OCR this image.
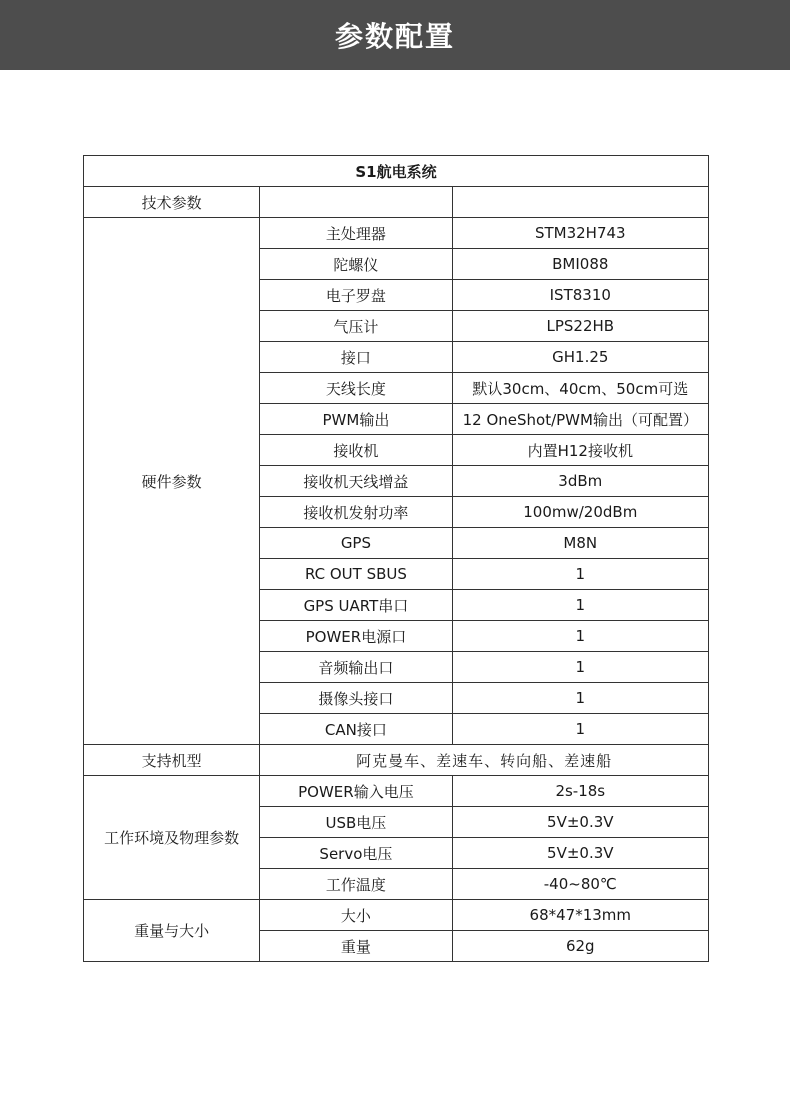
参数配置
S1航电系统		
技术参数		
硬件参数	主处理器	STM32H743
	陀螺仪	BMI088
	电子罗盘	IST8310
	气压计	LPS22HB
	接口	GH1.25
	天线长度	默认30cm、40cm、50cm可选
	PWM输出	12 OneShot/PWM输出（可配置）
	接收机	内置H12接收机
	接收机天线增益	3dBm
	接收机发射功率	100mw/20dBm
	GPS	M8N
	RC OUT SBUS	1
	GPS UART串口	1
	POWER电源口	1
	音频输出口	1
	摄像头接口	1
	CAN接口	1
支持机型	阿克曼车、差速车、转向船、差速船	
工作环境及物理参数	POWER输入电压	2s-18s
	USB电压	5V±0.3V
	Servo电压	5V±0.3V
	工作温度	-40~80℃
重量与大小	大小	68*47*13mm
	重量	62g
